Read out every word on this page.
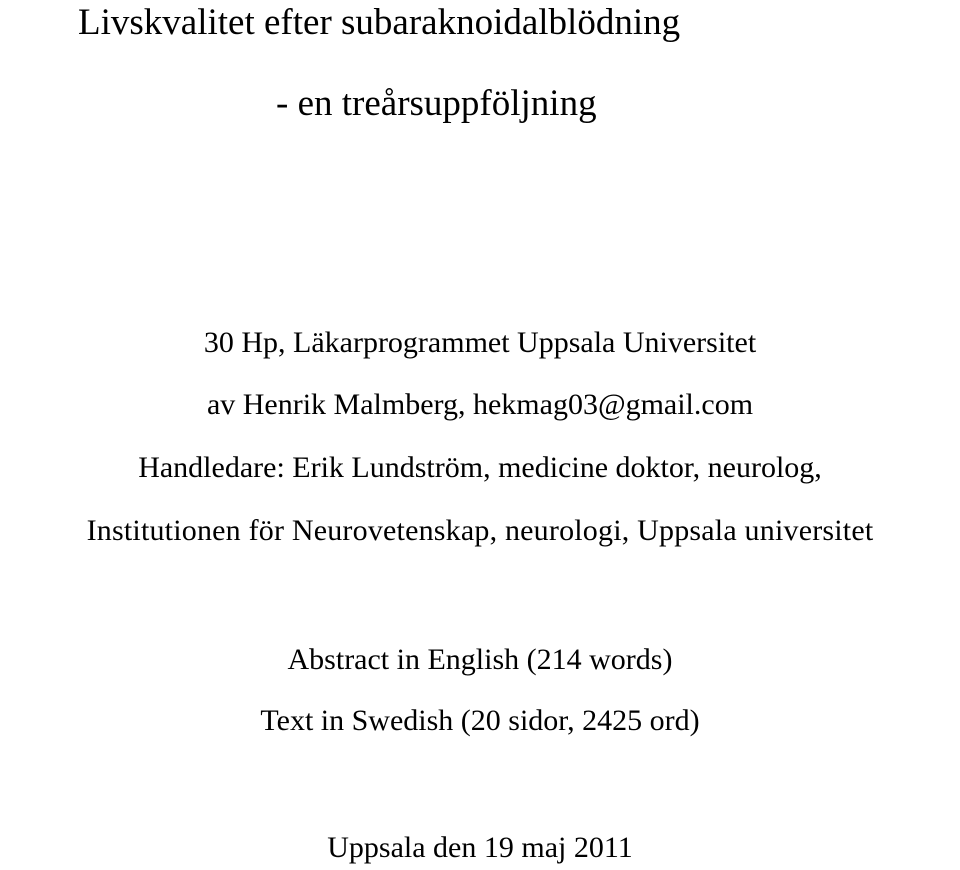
Livskvalitet efter subaraknoidalblödning
- en treårsuppföljning
30 Hp, Läkarprogrammet Uppsala Universitet
av Henrik Malmberg, hekmag03@gmail.com
Handledare: Erik Lundström, medicine doktor, neurolog,
Institutionen för Neurovetenskap, neurologi, Uppsala universitet
Abstract in English (214 words)
Text in Swedish (20 sidor, 2425 ord)
Uppsala den 19 maj 2011
